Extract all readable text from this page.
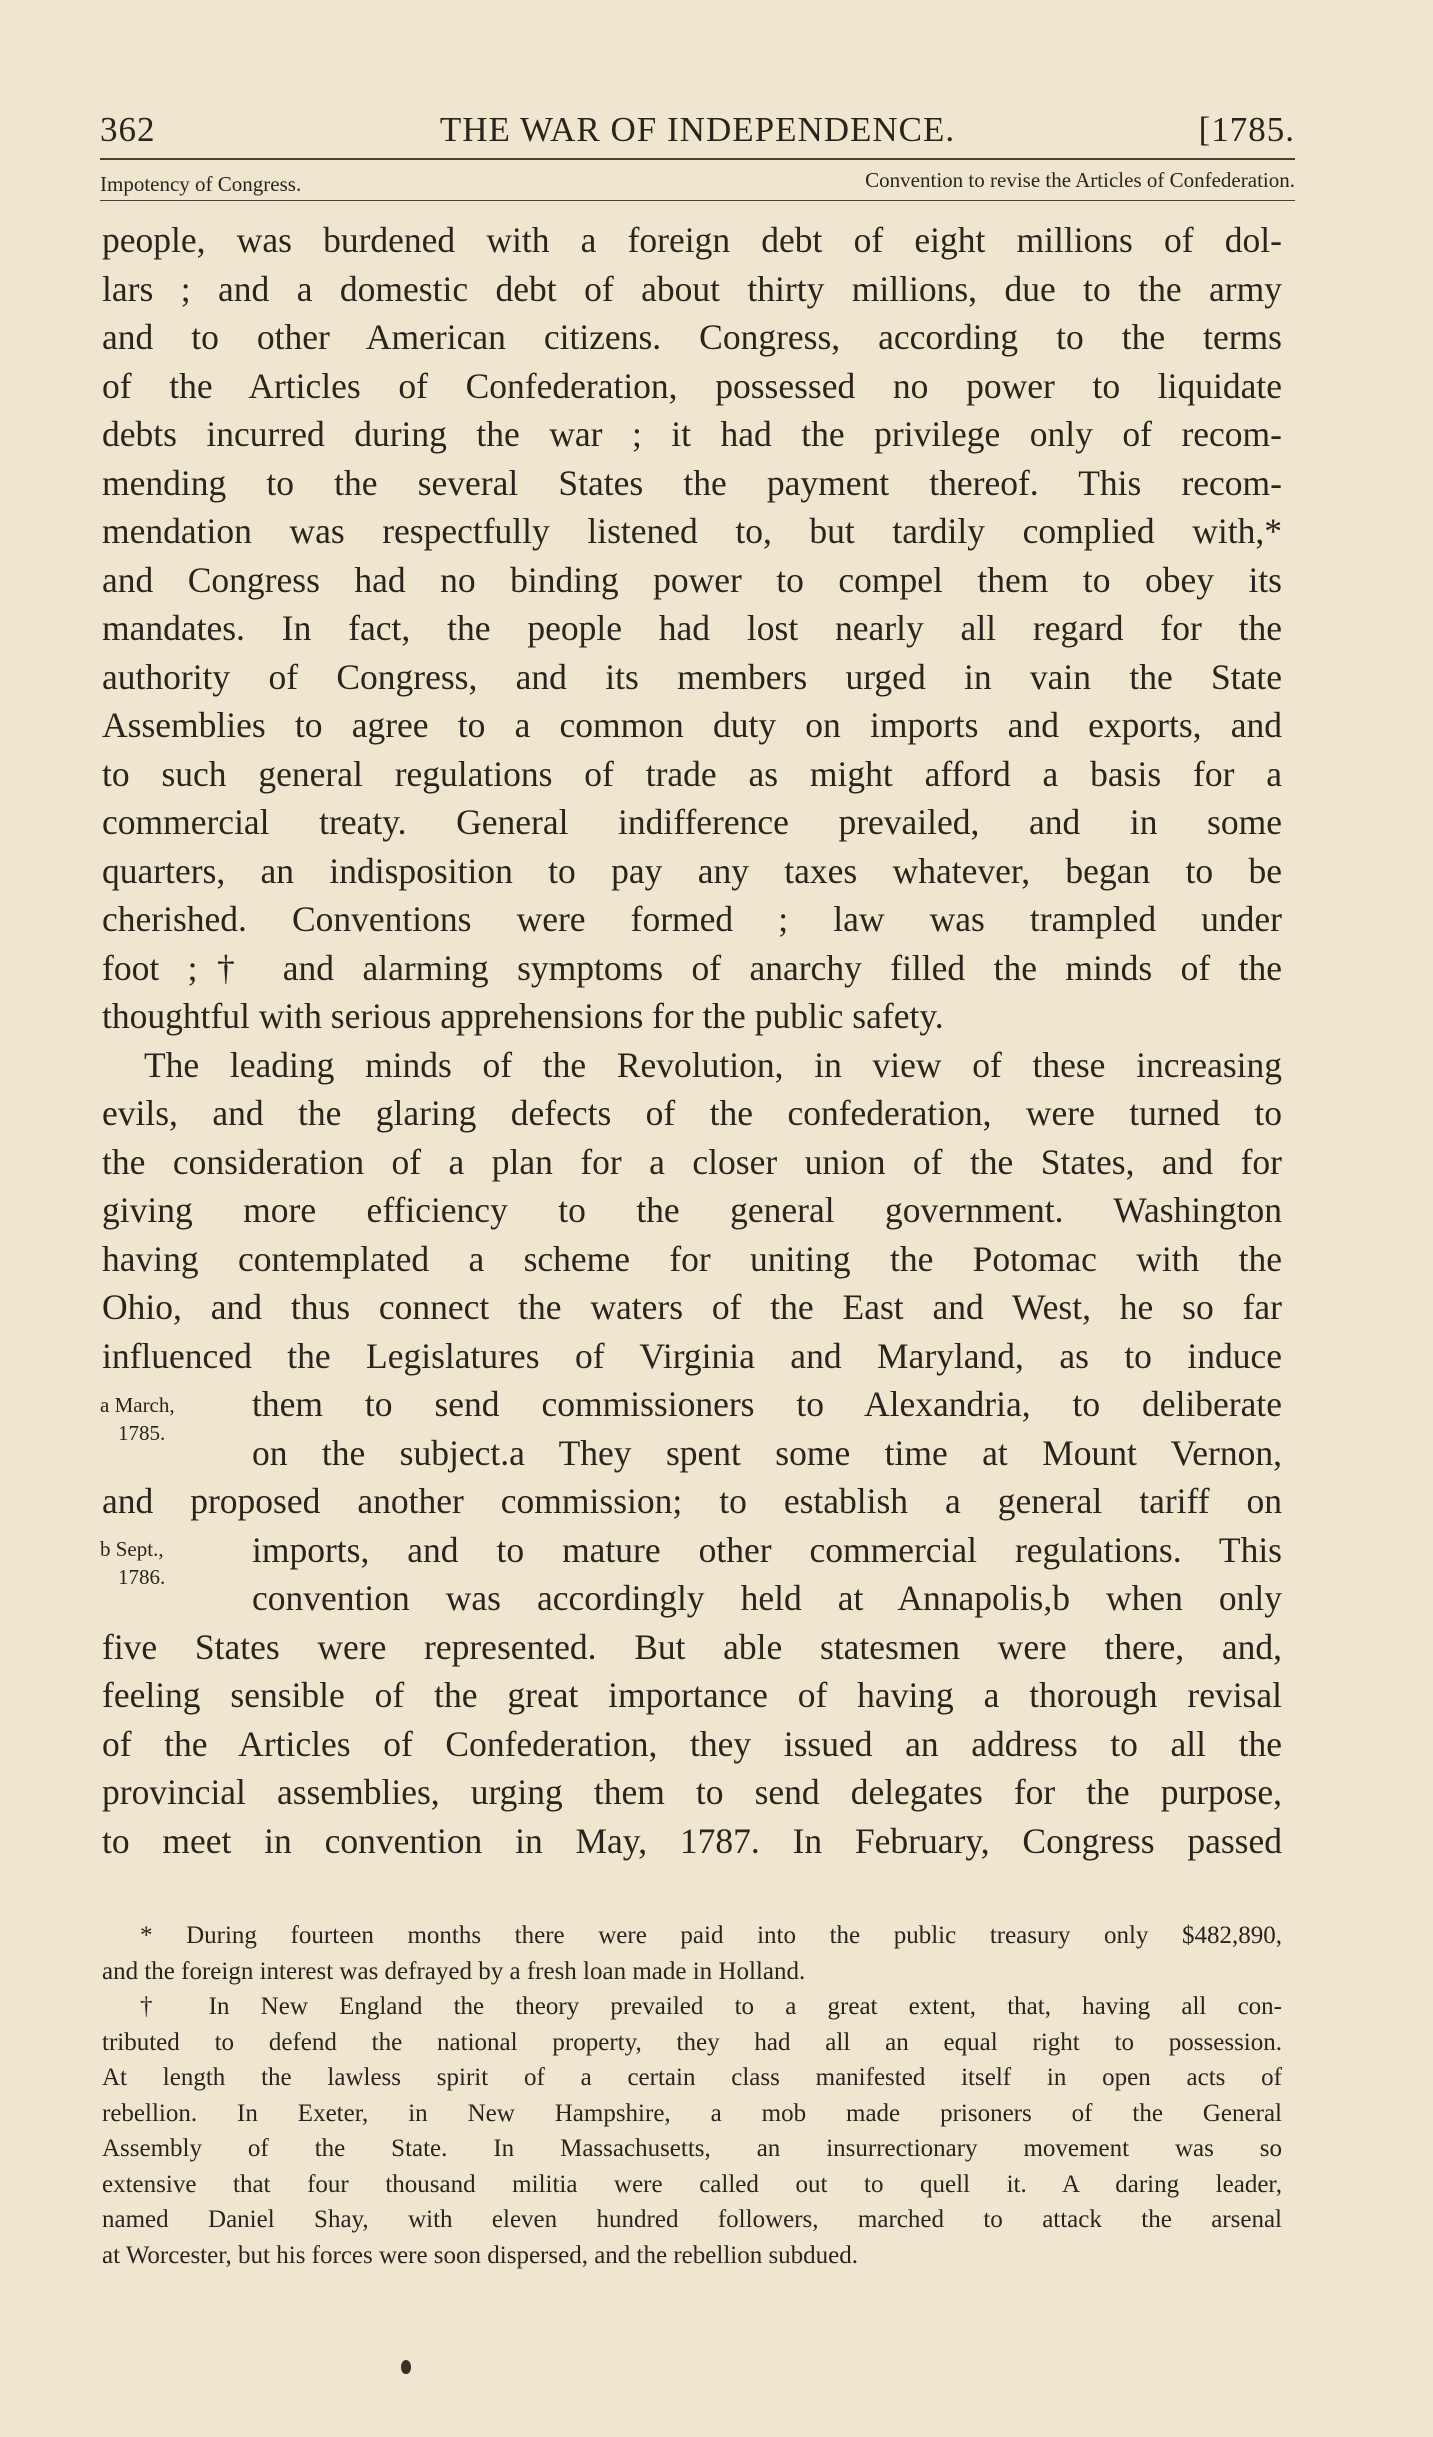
362	THE WAR OF INDEPENDENCE.	[1785.
Impotency of Congress.	Convention to revise the Articles of Confederation.
people, was burdened with a foreign debt of eight millions of dol-
lars ; and a domestic debt of about thirty millions, due to the army
and to other American citizens. Congress, according to the terms
of the Articles of Confederation, possessed no power to liquidate
debts incurred during the war ; it had the privilege only of recom-
mending to the several States the payment thereof. This recom-
mendation was respectfully listened to, but tardily complied with,*
and Congress had no binding power to compel them to obey its
mandates. In fact, the people had lost nearly all regard for the
authority of Congress, and its members urged in vain the State
Assemblies to agree to a common duty on imports and exports, and
to such general regulations of trade as might afford a basis for a
commercial treaty. General indifference prevailed, and in some
quarters, an indisposition to pay any taxes whatever, began to be
cherished. Conventions were formed ; law was trampled under
foot ;† and alarming symptoms of anarchy filled the minds of the
thoughtful with serious apprehensions for the public safety.
The leading minds of the Revolution, in view of these increasing
evils, and the glaring defects of the confederation, were turned to
the consideration of a plan for a closer union of the States, and for
giving more efficiency to the general government. Washington
having contemplated a scheme for uniting the Potomac with the
Ohio, and thus connect the waters of the East and West, he so far
influenced the Legislatures of Virginia and Maryland, as to induce
them to send commissioners to Alexandria, to deliberate
on the subject.a They spent some time at Mount Vernon,
and proposed another commission; to establish a general tariff on
imports, and to mature other commercial regulations. This
convention was accordingly held at Annapolis,b when only
five States were represented. But able statesmen were there, and,
feeling sensible of the great importance of having a thorough revisal
of the Articles of Confederation, they issued an address to all the
provincial assemblies, urging them to send delegates for the purpose,
to meet in convention in May, 1787. In February, Congress passed
a March,
1785.
b Sept.,
1786.
* During fourteen months there were paid into the public treasury only $482,890,
and the foreign interest was defrayed by a fresh loan made in Holland.
† In New England the theory prevailed to a great extent, that, having all con-
tributed to defend the national property, they had all an equal right to possession.
At length the lawless spirit of a certain class manifested itself in open acts of
rebellion. In Exeter, in New Hampshire, a mob made prisoners of the General
Assembly of the State. In Massachusetts, an insurrectionary movement was so
extensive that four thousand militia were called out to quell it. A daring leader,
named Daniel Shay, with eleven hundred followers, marched to attack the arsenal
at Worcester, but his forces were soon dispersed, and the rebellion subdued.
